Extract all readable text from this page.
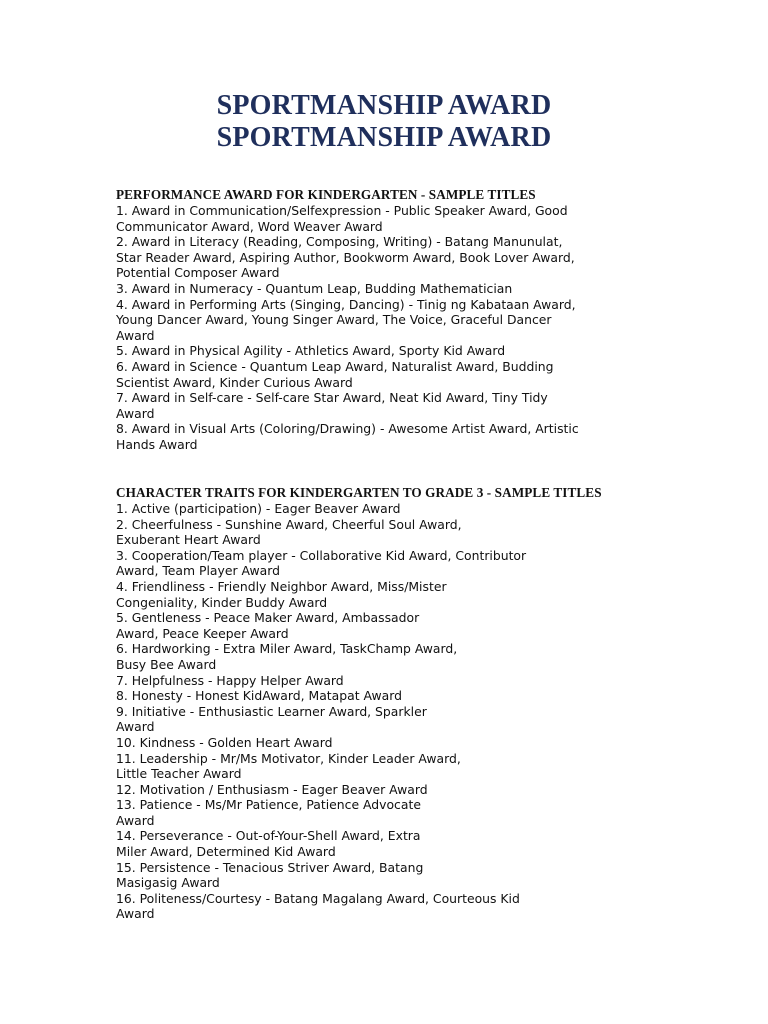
SPORTMANSHIP AWARD
SPORTMANSHIP AWARD
PERFORMANCE AWARD FOR KINDERGARTEN - SAMPLE TITLES

1. Award in Communication/Selfexpression - Public Speaker Award, Good

Communicator Award, Word Weaver Award

2. Award in Literacy (Reading, Composing, Writing) - Batang Manunulat,

Star Reader Award, Aspiring Author, Bookworm Award, Book Lover Award,

Potential Composer Award

3. Award in Numeracy - Quantum Leap, Budding Mathematician

4. Award in Performing Arts (Singing, Dancing) - Tinig ng Kabataan Award,

Young Dancer Award, Young Singer Award, The Voice, Graceful Dancer

Award

5. Award in Physical Agility - Athletics Award, Sporty Kid Award

6. Award in Science - Quantum Leap Award, Naturalist Award, Budding

Scientist Award, Kinder Curious Award

7. Award in Self-care - Self-care Star Award, Neat Kid Award, Tiny Tidy

Award

8. Award in Visual Arts (Coloring/Drawing) - Awesome Artist Award, Artistic

Hands Award

CHARACTER TRAITS FOR KINDERGARTEN TO GRADE 3 - SAMPLE TITLES

1. Active (participation) - Eager Beaver Award

2. Cheerfulness - Sunshine Award, Cheerful Soul Award,

Exuberant Heart Award

3. Cooperation/Team player - Collaborative Kid Award, Contributor

Award, Team Player Award

4. Friendliness - Friendly Neighbor Award, Miss/Mister

Congeniality, Kinder Buddy Award

5. Gentleness - Peace Maker Award, Ambassador

Award, Peace Keeper Award

6. Hardworking - Extra Miler Award, TaskChamp Award,

Busy Bee Award

7. Helpfulness - Happy Helper Award

8. Honesty - Honest KidAward, Matapat Award

9. Initiative - Enthusiastic Learner Award, Sparkler

Award

10. Kindness - Golden Heart Award

11. Leadership - Mr/Ms Motivator, Kinder Leader Award,

Little Teacher Award

12. Motivation / Enthusiasm - Eager Beaver Award

13. Patience - Ms/Mr Patience, Patience Advocate

Award

14. Perseverance - Out-of-Your-Shell Award, Extra

Miler Award, Determined Kid Award

15. Persistence - Tenacious Striver Award, Batang

Masigasig Award

16. Politeness/Courtesy - Batang Magalang Award, Courteous Kid

Award
